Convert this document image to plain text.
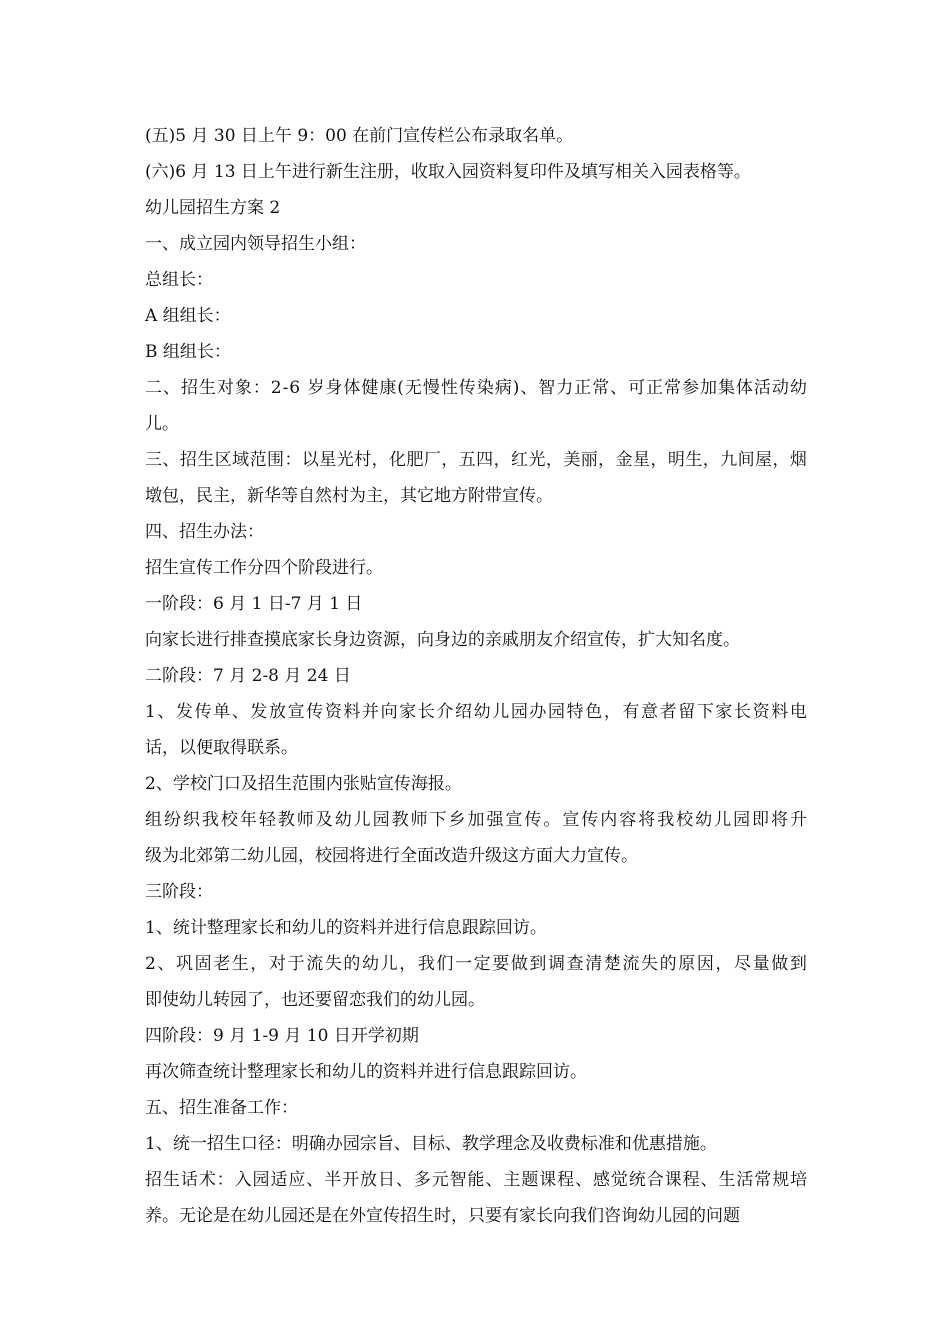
(五)5 月 30 日上午 9：00 在前门宣传栏公布录取名单。
(六)6 月 13 日上午进行新生注册，收取入园资料复印件及填写相关入园表格等。
幼儿园招生方案 2
一、成立园内领导招生小组：
总组长：
A 组组长：
B 组组长：
二、招生对象：2-6 岁身体健康(无慢性传染病)、智力正常、可正常参加集体活动幼
儿。
三、招生区域范围：以星光村，化肥厂，五四，红光，美丽，金星，明生，九间屋，烟
墩包，民主，新华等自然村为主，其它地方附带宣传。
四、招生办法：
招生宣传工作分四个阶段进行。
一阶段：6 月 1 日-7 月 1 日
向家长进行排查摸底家长身边资源，向身边的亲戚朋友介绍宣传，扩大知名度。
二阶段：7 月 2-8 月 24 日
1、发传单、发放宣传资料并向家长介绍幼儿园办园特色，有意者留下家长资料电
话，以便取得联系。
2、学校门口及招生范围内张贴宣传海报。
组纷织我校年轻教师及幼儿园教师下乡加强宣传。宣传内容将我校幼儿园即将升
级为北郊第二幼儿园，校园将进行全面改造升级这方面大力宣传。
三阶段：
1、统计整理家长和幼儿的资料并进行信息跟踪回访。
2、巩固老生，对于流失的幼儿，我们一定要做到调查清楚流失的原因，尽量做到
即使幼儿转园了，也还要留恋我们的幼儿园。
四阶段：9 月 1-9 月 10 日开学初期
再次筛查统计整理家长和幼儿的资料并进行信息跟踪回访。
五、招生准备工作：
1、统一招生口径：明确办园宗旨、目标、教学理念及收费标准和优惠措施。
招生话术：入园适应、半开放日、多元智能、主题课程、感觉统合课程、生活常规培
养。无论是在幼儿园还是在外宣传招生时，只要有家长向我们咨询幼儿园的问题
